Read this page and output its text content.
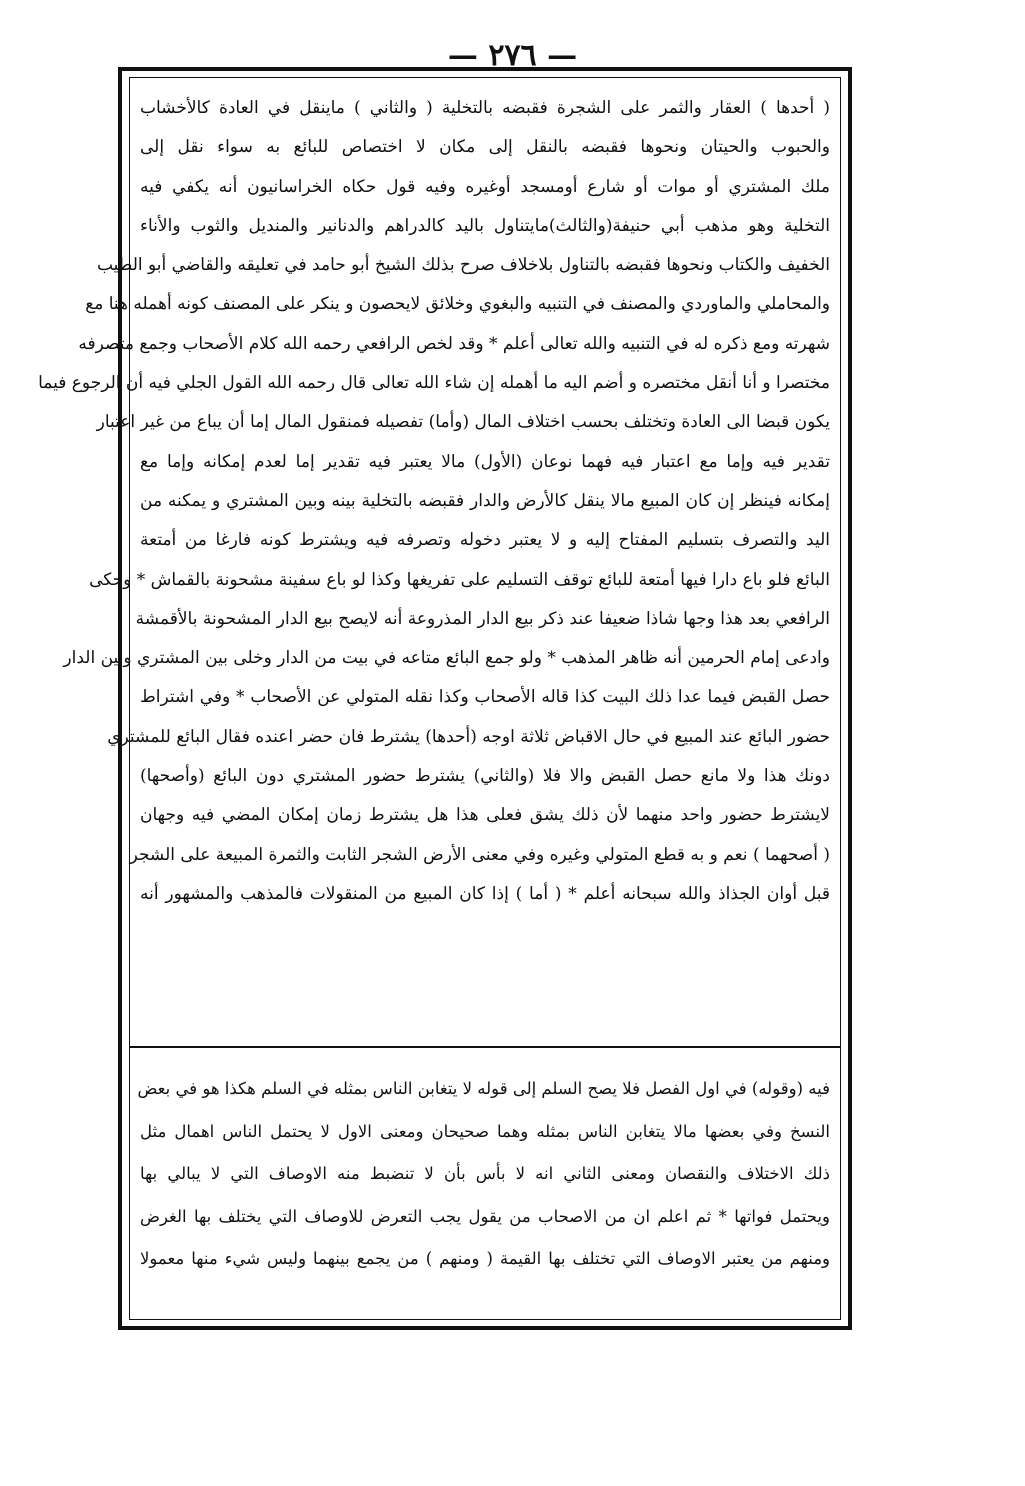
— ٢٧٦ —
( أحدها ) العقار والثمر على الشجرة فقبضه بالتخلية ( والثاني ) ماينقل في العادة كالأخشاب
والحبوب والحيتان ونحوها فقبضه بالنقل إلى مكان لا اختصاص للبائع به سواء نقل إلى
ملك المشتري أو موات أو شارع أومسجد أوغيره وفيه قول حكاه الخراسانيون أنه يكفي فيه
التخلية وهو مذهب أبي حنيفة(والثالث)مايتناول باليد كالدراهم والدنانير والمنديل والثوب والأناء
الخفيف والكتاب ونحوها فقبضه بالتناول بلاخلاف صرح بذلك الشيخ أبو حامد في تعليقه والقاضي أبو الطيب
والمحاملي والماوردي والمصنف في التنبيه والبغوي وخلائق لايحصون و ينكر على المصنف كونه أهمله هنا مع
شهرته ومع ذكره له في التنبيه والله تعالى أعلم * وقد لخص الرافعي رحمه الله كلام الأصحاب وجمع متصرفه
مختصرا و أنا أنقل مختصره و أضم اليه ما أهمله إن شاء الله تعالى قال رحمه الله القول الجلي فيه أن الرجوع فيما
يكون قبضا الى العادة وتختلف بحسب اختلاف المال (وأما) تفصيله فمنقول المال إما أن يباع من غير اعتبار
تقدير فيه وإما مع اعتبار فيه فهما نوعان (الأول) مالا يعتبر فيه تقدير إما لعدم إمكانه وإما مع
إمكانه فينظر إن كان المبيع مالا ينقل كالأرض والدار فقبضه بالتخلية بينه وبين المشتري و يمكنه من
اليد والتصرف بتسليم المفتاح إليه و لا يعتبر دخوله وتصرفه فيه ويشترط كونه فارغا من أمتعة
البائع فلو باع دارا فيها أمتعة للبائع توقف التسليم على تفريغها وكذا لو باع سفينة مشحونة بالقماش * وحكى
الرافعي بعد هذا وجها شاذا ضعيفا عند ذكر بيع الدار المذروعة أنه لايصح بيع الدار المشحونة بالأقمشة
وادعى إمام الحرمين أنه ظاهر المذهب * ولو جمع البائع متاعه في بيت من الدار وخلى بين المشتري وبين الدار
حصل القبض فيما عدا ذلك البيت كذا قاله الأصحاب وكذا نقله المتولي عن الأصحاب * وفي اشتراط
حضور البائع عند المبيع في حال الاقباض ثلاثة اوجه (أحدها) يشترط فان حضر اعنده فقال البائع للمشتري
دونك هذا ولا مانع حصل القبض والا فلا (والثاني) يشترط حضور المشتري دون البائع (وأصحها)
لايشترط حضور واحد منهما لأن ذلك يشق فعلى هذا هل يشترط زمان إمكان المضي فيه وجهان
( أصحهما ) نعم و به قطع المتولي وغيره وفي معنى الأرض الشجر الثابت والثمرة المبيعة على الشجر
قبل أوان الجذاذ والله سبحانه أعلم * ( أما ) إذا كان المبيع من المنقولات فالمذهب والمشهور أنه
فيه (وقوله) في اول الفصل فلا يصح السلم إلى قوله لا يتغابن الناس بمثله في السلم هكذا هو في بعض
النسخ وفي بعضها مالا يتغابن الناس بمثله وهما صحيحان ومعنى الاول لا يحتمل الناس اهمال مثل
ذلك الاختلاف والنقصان ومعنى الثاني انه لا بأس بأن لا تنضبط منه الاوصاف التي لا يبالي بها
ويحتمل فواتها * ثم اعلم ان من الاصحاب من يقول يجب التعرض للاوصاف التي يختلف بها الغرض
ومنهم من يعتبر الاوصاف التي تختلف بها القيمة ( ومنهم ) من يجمع بينهما وليس شيء منها معمولا
